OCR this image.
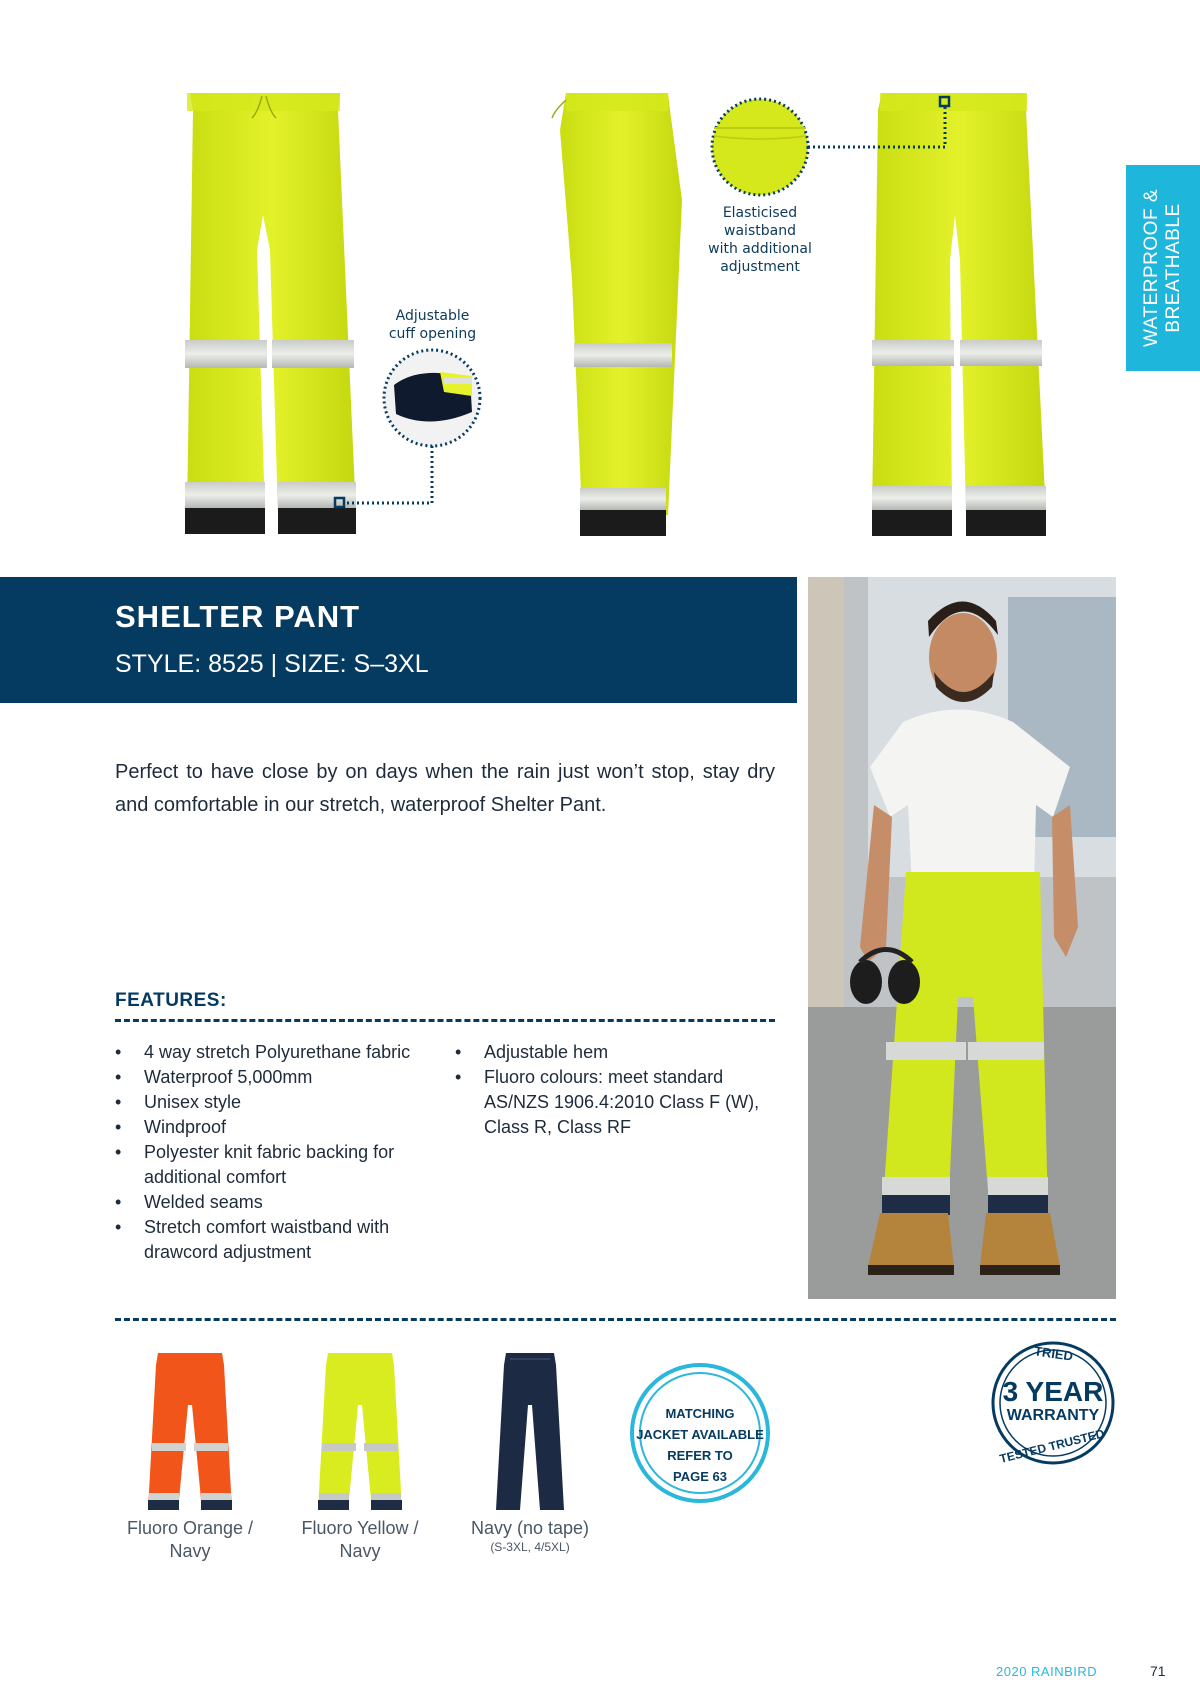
Adjustable
cuff opening
Elasticised
waistband
with additional
adjustment	WATERPROOF & BREATHABLE
SHELTER PANT
STYLE: 8525 | SIZE: S–3XL
Perfect to have close by on days when the rain just won’t stop, stay dry and comfortable in our stretch, waterproof Shelter Pant.
FEATURES:
• 4 way stretch Polyurethane fabric
• Waterproof 5,000mm
• Unisex style
• Windproof
• Polyester knit fabric backing for additional comfort
• Welded seams
• Stretch comfort waistband with drawcord adjustment
• Adjustable hem
• Fluoro colours: meet standard AS/NZS 1906.4:2010 Class F (W), Class R, Class RF
Fluoro Orange /
Navy
Fluoro Yellow /
Navy
Navy (no tape)
(S-3XL, 4/5XL)
MATCHING
JACKET AVAILABLE
REFER TO
PAGE 63
TRIED
3 YEAR
WARRANTY
TESTED TRUSTED
2020 RAINBIRD	71
